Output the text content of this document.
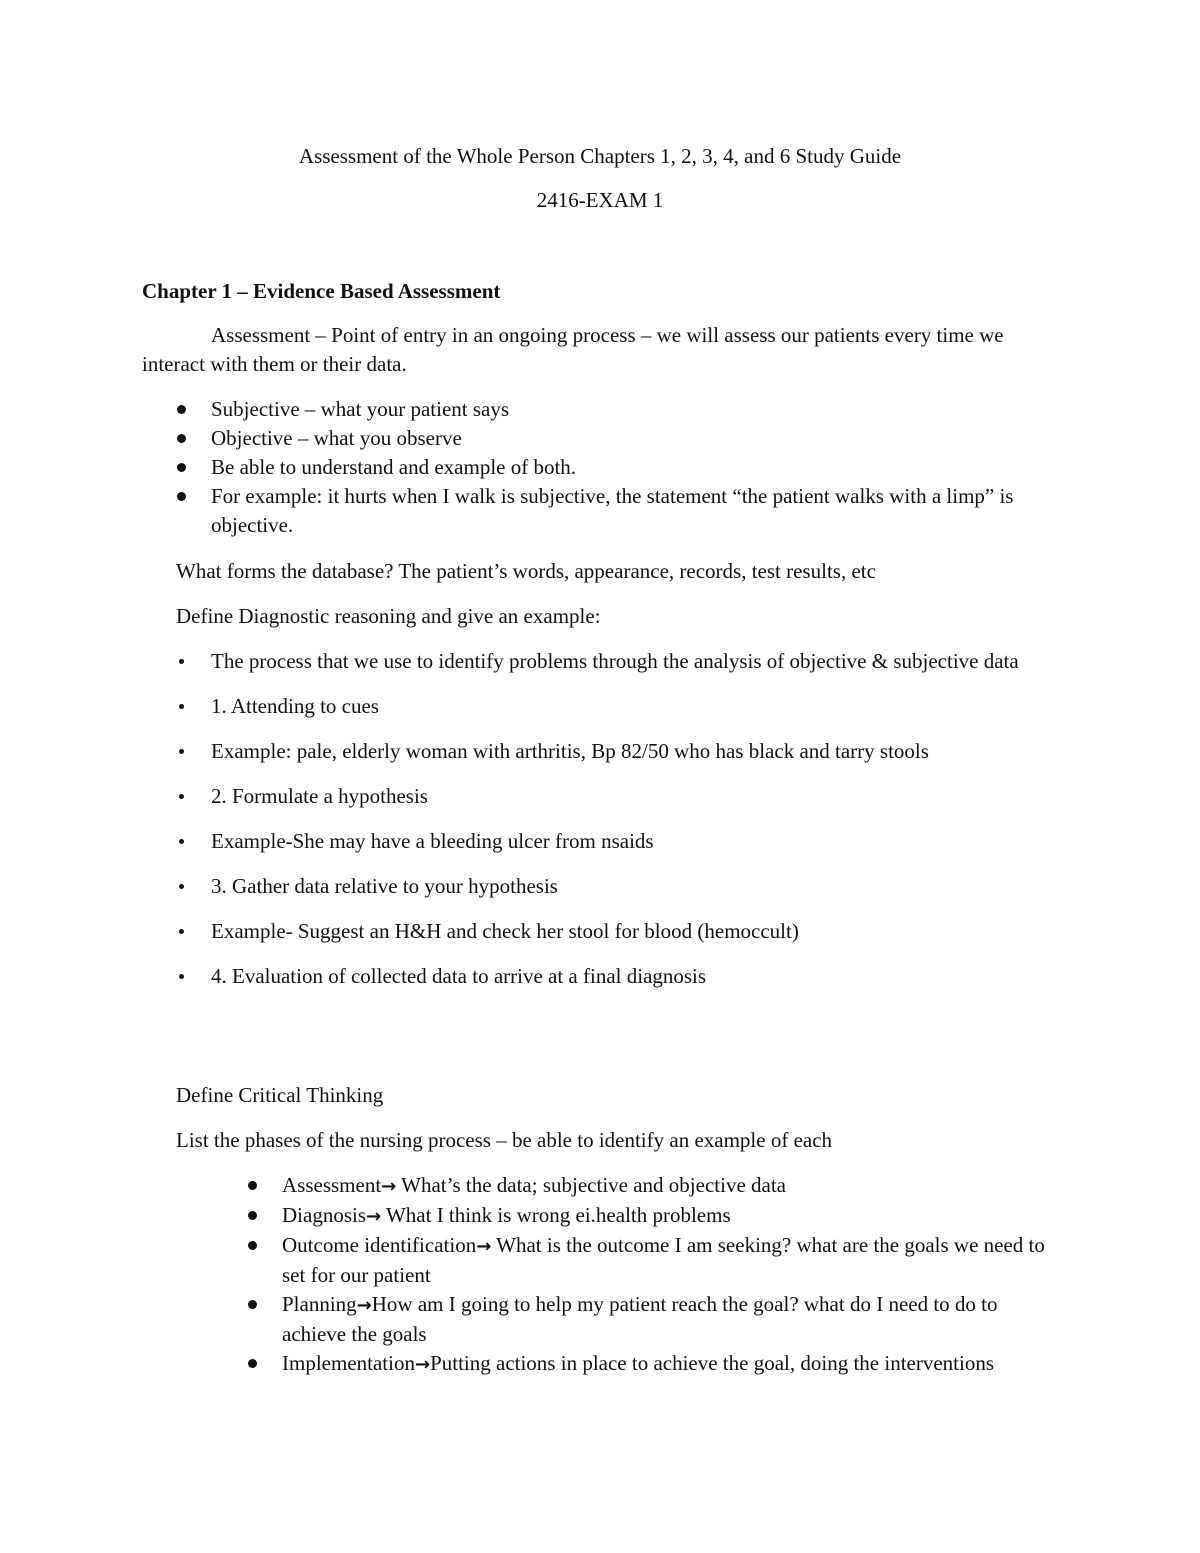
Assessment of the Whole Person Chapters 1, 2, 3, 4, and 6 Study Guide

2416-EXAM 1

Chapter 1 – Evidence Based Assessment

Assessment – Point of entry in an ongoing process – we will assess our patients every time we interact with them or their data.

Subjective – what your patient says
Objective – what you observe
Be able to understand and example of both.
For example: it hurts when I walk is subjective, the statement “the patient walks with a limp” is objective.

What forms the database? The patient’s words, appearance, records, test results, etc

Define Diagnostic reasoning and give an example:

The process that we use to identify problems through the analysis of objective & subjective data
1. Attending to cues
Example: pale, elderly woman with arthritis, Bp 82/50 who has black and tarry stools
2. Formulate a hypothesis
Example-She may have a bleeding ulcer from nsaids
3. Gather data relative to your hypothesis
Example- Suggest an H&H and check her stool for blood (hemoccult)
4. Evaluation of collected data to arrive at a final diagnosis

Define Critical Thinking

List the phases of the nursing process – be able to identify an example of each

Assessment→ What’s the data; subjective and objective data
Diagnosis→ What I think is wrong ei.health problems
Outcome identification→ What is the outcome I am seeking? what are the goals we need to set for our patient
Planning→How am I going to help my patient reach the goal? what do I need to do to achieve the goals
Implementation→Putting actions in place to achieve the goal, doing the interventions
